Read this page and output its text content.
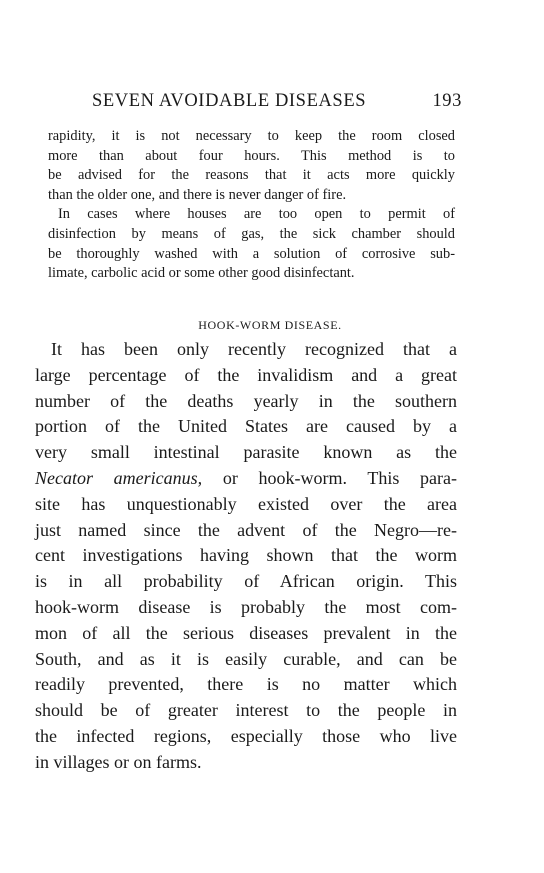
SEVEN AVOIDABLE DISEASES	193
rapidity, it is not necessary to keep the room closed
more than about four hours. This method is to
be advised for the reasons that it acts more quickly
than the older one, and there is never danger of fire.
In cases where houses are too open to permit of
disinfection by means of gas, the sick chamber should
be thoroughly washed with a solution of corrosive sub-
limate, carbolic acid or some other good disinfectant.
HOOK-WORM DISEASE.
It has been only recently recognized that a
large percentage of the invalidism and a great
number of the deaths yearly in the southern
portion of the United States are caused by a
very small intestinal parasite known as the
Necator americanus, or hook-worm. This para-
site has unquestionably existed over the area
just named since the advent of the Negro—re-
cent investigations having shown that the worm
is in all probability of African origin. This
hook-worm disease is probably the most com-
mon of all the serious diseases prevalent in the
South, and as it is easily curable, and can be
readily prevented, there is no matter which
should be of greater interest to the people in
the infected regions, especially those who live
in villages or on farms.
